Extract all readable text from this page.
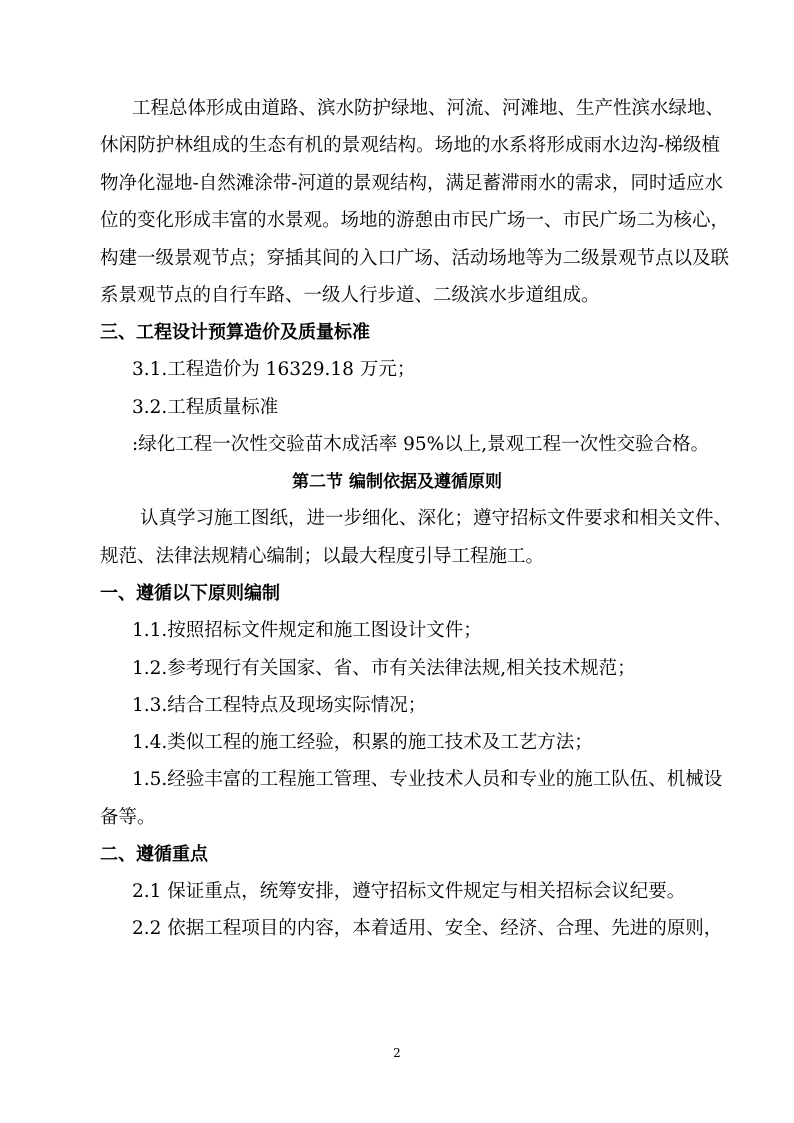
工程总体形成由道路、滨水防护绿地、河流、河滩地、生产性滨水绿地、
休闲防护林组成的生态有机的景观结构。场地的水系将形成雨水边沟-梯级植
物净化湿地-自然滩涂带-河道的景观结构，满足蓄滞雨水的需求，同时适应水
位的变化形成丰富的水景观。场地的游憩由市民广场一、市民广场二为核心，
构建一级景观节点；穿插其间的入口广场、活动场地等为二级景观节点以及联
系景观节点的自行车路、一级人行步道、二级滨水步道组成。
三、工程设计预算造价及质量标准
3.1.工程造价为 16329.18 万元；
3.2.工程质量标准
:绿化工程一次性交验苗木成活率 95%以上,景观工程一次性交验合格。
第二节 编制依据及遵循原则
认真学习施工图纸，进一步细化、深化；遵守招标文件要求和相关文件、
规范、法律法规精心编制；以最大程度引导工程施工。
一、遵循以下原则编制
1.1.按照招标文件规定和施工图设计文件；
1.2.参考现行有关国家、省、市有关法律法规,相关技术规范；
1.3.结合工程特点及现场实际情况；
1.4.类似工程的施工经验，积累的施工技术及工艺方法；
1.5.经验丰富的工程施工管理、专业技术人员和专业的施工队伍、机械设
备等。
二、遵循重点
2.1 保证重点，统筹安排，遵守招标文件规定与相关招标会议纪要。
2.2 依据工程项目的内容，本着适用、安全、经济、合理、先进的原则，
2
